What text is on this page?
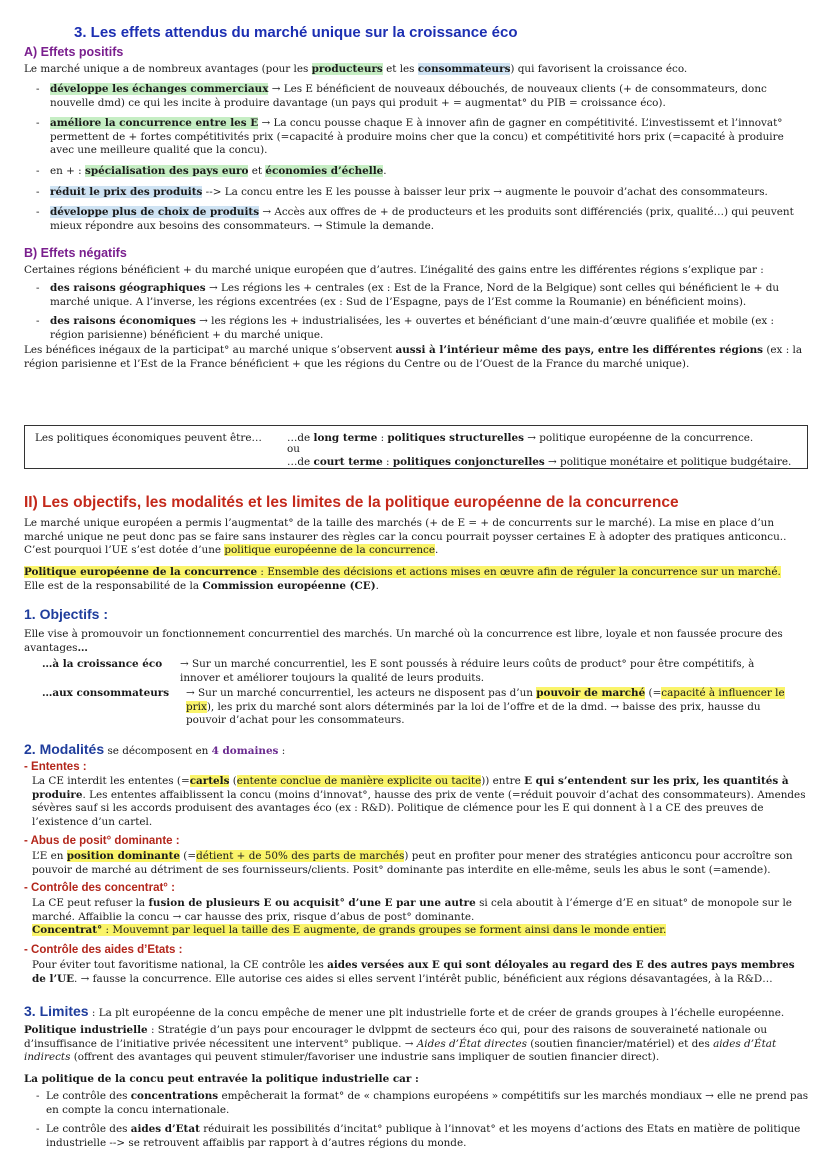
3. Les effets attendus du marché unique sur la croissance éco

A) Effets positifs

Le marché unique a de nombreux avantages (pour les producteurs et les consommateurs) qui favorisent la croissance éco.

- développe les échanges commerciaux → Les E bénéficient de nouveaux débouchés, de nouveaux clients (+ de consommateurs, donc nouvelle dmd) ce qui les incite à produire davantage (un pays qui produit + = augmentat° du PIB = croissance éco).

- améliore la concurrence entre les E → La concu pousse chaque E à innover afin de gagner en compétitivité. L’investissemt et l’innovat° permettent de + fortes compétitivités prix (=capacité à produire moins cher que la concu) et compétitivité hors prix (=capacité à produire avec une meilleure qualité que la concu).

- en + : spécialisation des pays euro et économies d’échelle.

- réduit le prix des produits --> La concu entre les E les pousse à baisser leur prix → augmente le pouvoir d’achat des consommateurs.

- développe plus de choix de produits → Accès aux offres de + de producteurs et les produits sont différenciés (prix, qualité…) qui peuvent mieux répondre aux besoins des consommateurs. → Stimule la demande.

B) Effets négatifs

Certaines régions bénéficient + du marché unique européen que d’autres. L’inégalité des gains entre les différentes régions s’explique par :

- des raisons géographiques → Les régions les + centrales (ex : Est de la France, Nord de la Belgique) sont celles qui bénéficient le + du marché unique. A l’inverse, les régions excentrées (ex : Sud de l’Espagne, pays de l’Est comme la Roumanie) en bénéficient moins).

- des raisons économiques → les régions les + industrialisées, les + ouvertes et bénéficiant d’une main-d’œuvre qualifiée et mobile (ex : région parisienne) bénéficient + du marché unique.

Les bénéfices inégaux de la participat° au marché unique s’observent aussi à l’intérieur même des pays, entre les différentes régions (ex : la région parisienne et l’Est de la France bénéficient + que les régions du Centre ou de l’Ouest de la France du marché unique).

Les politiques économiques peuvent être… …de long terme : politiques structurelles → politique européenne de la concurrence.

ou

…de court terme : politiques conjoncturelles → politique monétaire et politique budgétaire.

II) Les objectifs, les modalités et les limites de la politique européenne de la concurrence

Le marché unique européen a permis l’augmentat° de la taille des marchés (+ de E = + de concurrents sur le marché). La mise en place d’un marché unique ne peut donc pas se faire sans instaurer des règles car la concu pourrait poysser certaines E à adopter des pratiques anticoncu.. C’est pourquoi l’UE s’est dotée d’une politique européenne de la concurrence.

Politique européenne de la concurrence : Ensemble des décisions et actions mises en œuvre afin de réguler la concurrence sur un marché.

Elle est de la responsabilité de la Commission européenne (CE).

1. Objectifs :

Elle vise à promouvoir un fonctionnement concurrentiel des marchés. Un marché où la concurrence est libre, loyale et non faussée procure des avantages…

…à la croissance éco → Sur un marché concurrentiel, les E sont poussés à réduire leurs coûts de product° pour être compétitifs, à innover et améliorer toujours la qualité de leurs produits.

…aux consommateurs → Sur un marché concurrentiel, les acteurs ne disposent pas d’un pouvoir de marché (=capacité à influencer le prix), les prix du marché sont alors déterminés par la loi de l’offre et de la dmd. → baisse des prix, hausse du pouvoir d’achat pour les consommateurs.

2. Modalités se décomposent en 4 domaines :

- Ententes :

La CE interdit les ententes (=cartels (entente conclue de manière explicite ou tacite)) entre E qui s’entendent sur les prix, les quantités à produire. Les ententes affaiblissent la concu (moins d’innovat°, hausse des prix de vente (=réduit pouvoir d’achat des consommateurs). Amendes sévères sauf si les accords produisent des avantages éco (ex : R&D). Politique de clémence pour les E qui donnent à l a CE des preuves de l’existence d’un cartel.

- Abus de posit° dominante :

L’E en position dominante (=détient + de 50% des parts de marchés) peut en profiter pour mener des stratégies anticoncu pour accroître son pouvoir de marché au détriment de ses fournisseurs/clients. Posit° dominante pas interdite en elle-même, seuls les abus le sont (=amende).

- Contrôle des concentrat° :

La CE peut refuser la fusion de plusieurs E ou acquisit° d’une E par une autre si cela aboutit à l’émerge d’E en situat° de monopole sur le marché. Affaiblie la concu → car hausse des prix, risque d’abus de post° dominante.

Concentrat° : Mouvemnt par lequel la taille des E augmente, de grands groupes se forment ainsi dans le monde entier.

- Contrôle des aides d’Etats :

Pour éviter tout favoritisme national, la CE contrôle les aides versées aux E qui sont déloyales au regard des E des autres pays membres de l’UE. → fausse la concurrence. Elle autorise ces aides si elles servent l’intérêt public, bénéficient aux régions désavantagées, à la R&D…

3. Limites : La plt européenne de la concu empêche de mener une plt industrielle forte et de créer de grands groupes à l’échelle européenne.

Politique industrielle : Stratégie d’un pays pour encourager le dvlppmt de secteurs éco qui, pour des raisons de souveraineté nationale ou d’insuffisance de l’initiative privée nécessitent une intervent° publique. → Aides d’État directes (soutien financier/matériel) et des aides d’État indirects (offrent des avantages qui peuvent stimuler/favoriser une industrie sans impliquer de soutien financier direct).

La politique de la concu peut entravée la politique industrielle car :

- Le contrôle des concentrations empêcherait la format° de « champions européens » compétitifs sur les marchés mondiaux → elle ne prend pas en compte la concu internationale.

- Le contrôle des aides d’Etat réduirait les possibilités d’incitat° publique à l’innovat° et les moyens d’actions des Etats en matière de politique industrielle --> se retrouvent affaiblis par rapport à d’autres régions du monde.
